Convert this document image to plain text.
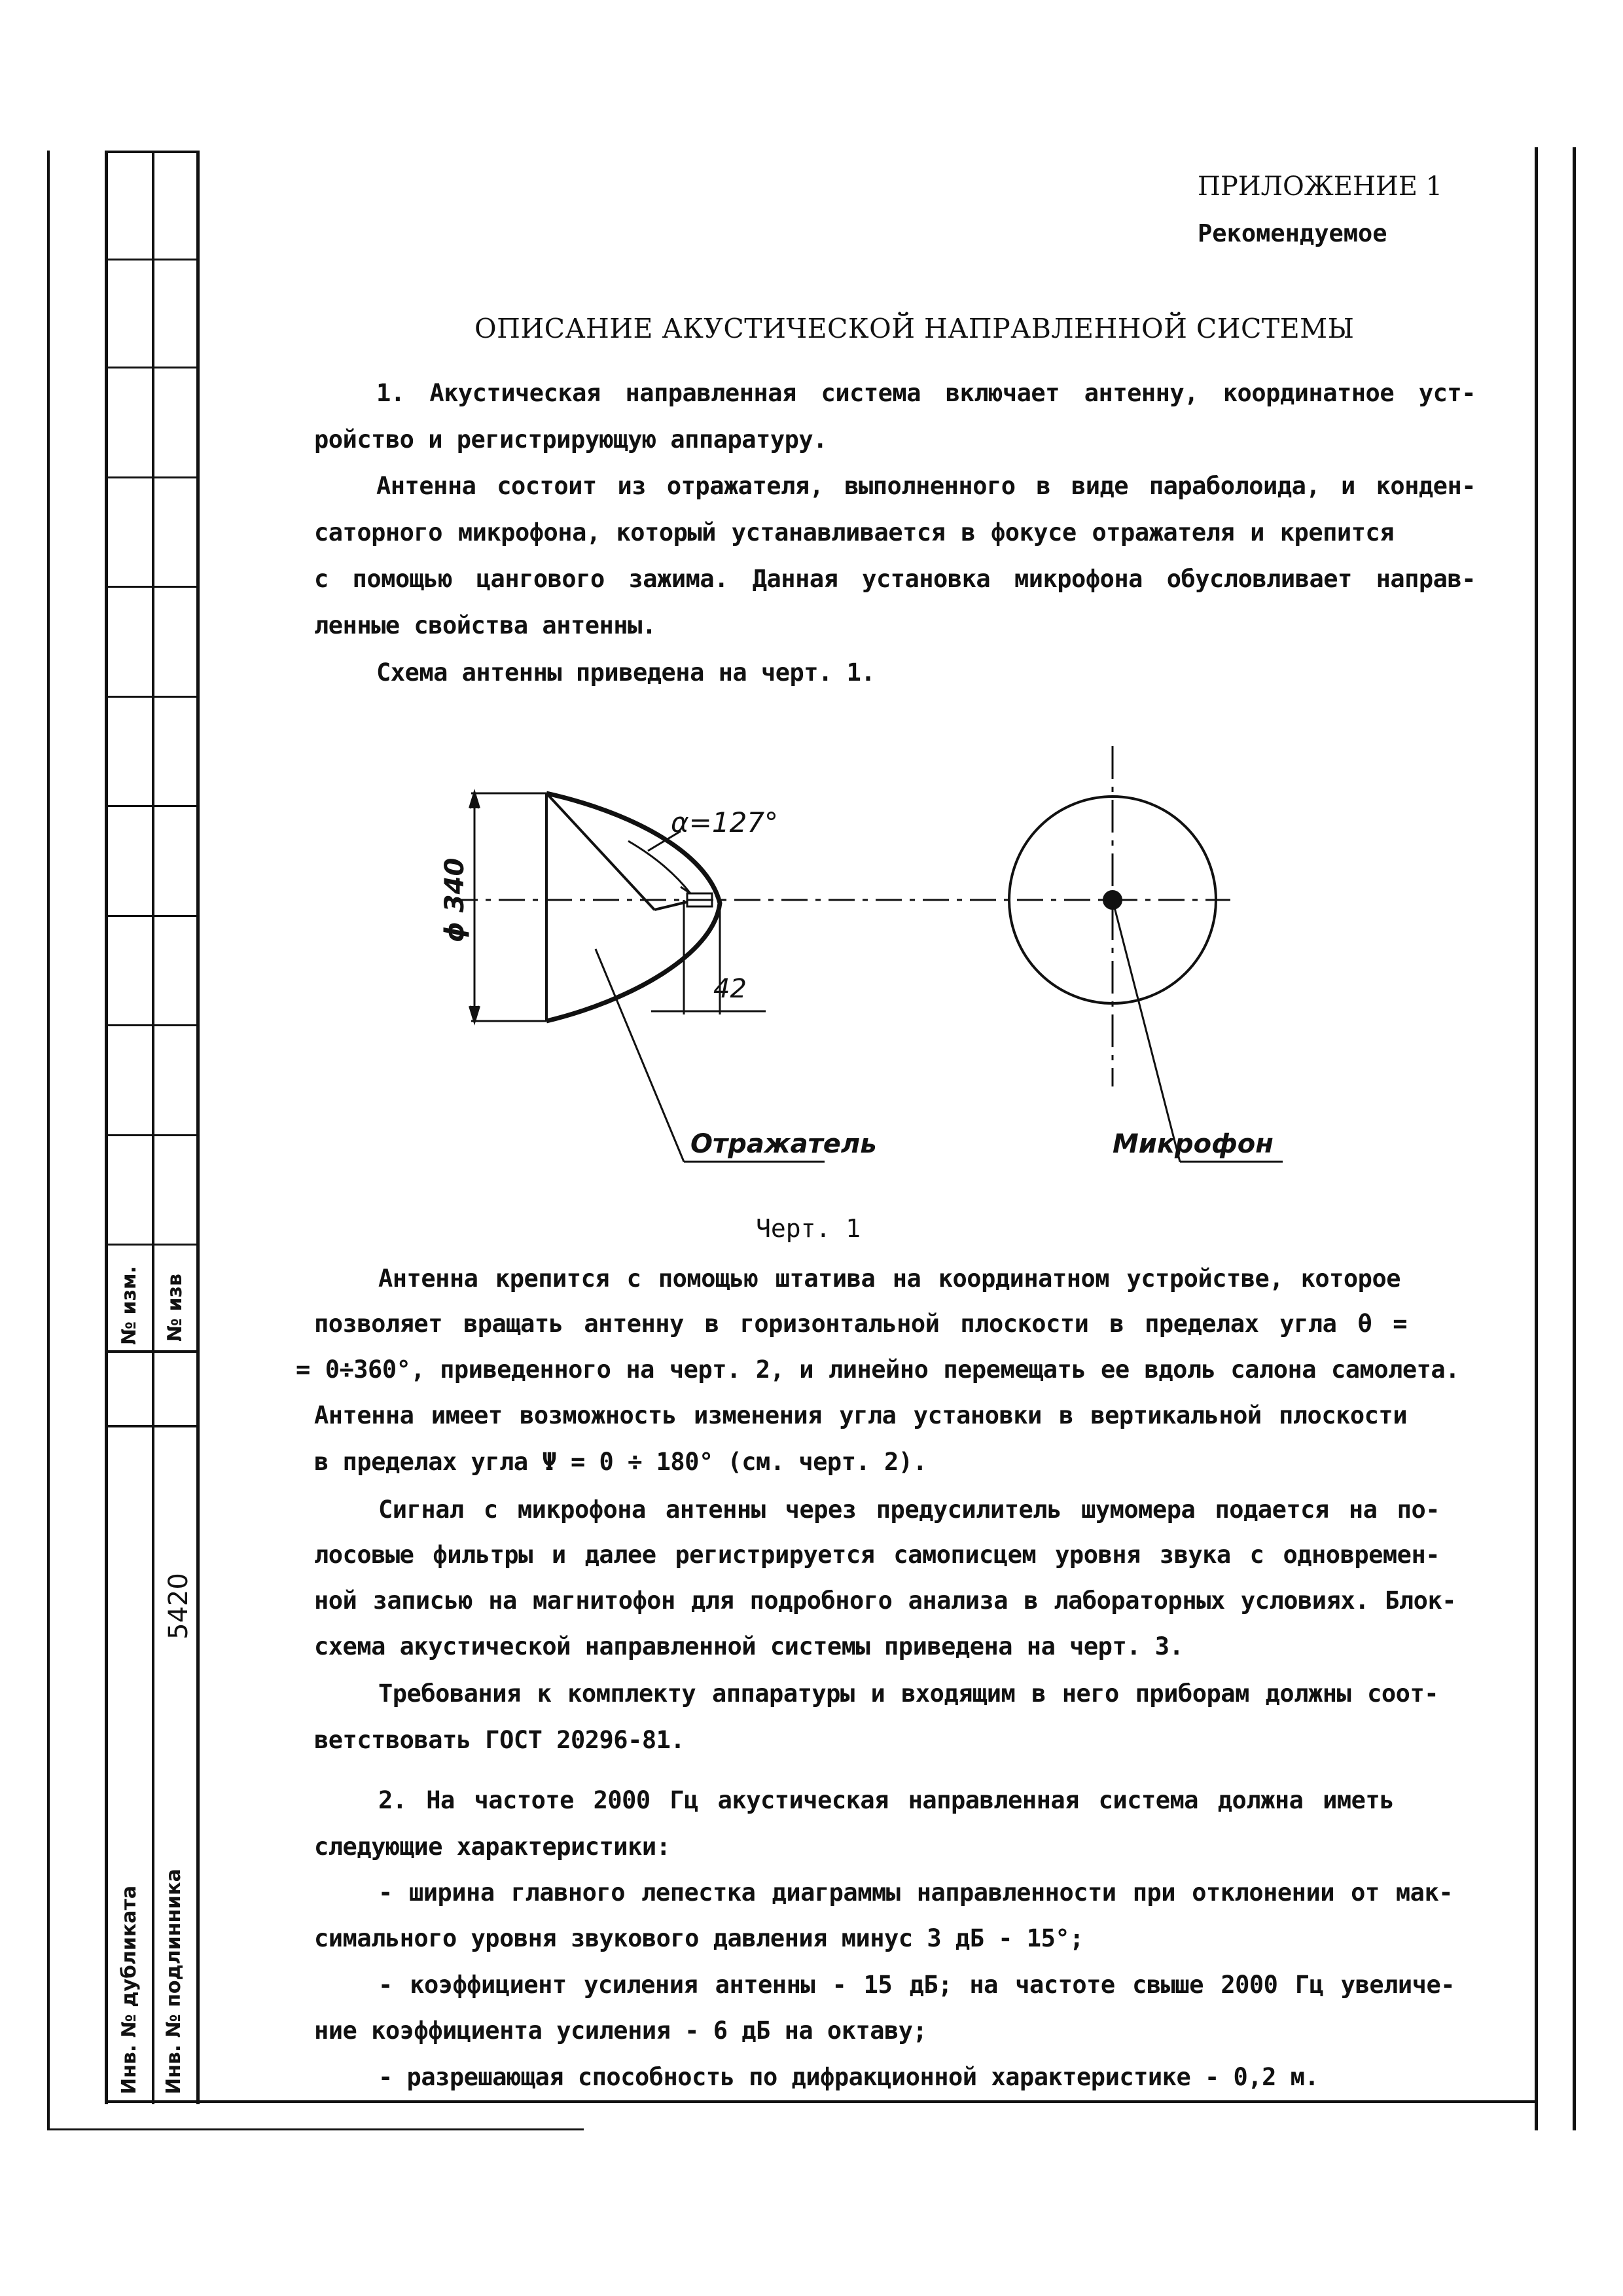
№ изм. № изв
5420
Инв. № дубликата Инв. № подлинника
ПРИЛОЖЕНИЕ 1
Рекомендуемое
ОПИСАНИЕ АКУСТИЧЕСКОЙ НАПРАВЛЕННОЙ СИСТЕМЫ
1. Акустическая направленная система включает антенну, координатное уст-
ройство и регистрирующую аппаратуру.
Антенна состоит из отражателя, выполненного в виде параболоида, и конден-
саторного микрофона, который устанавливается в фокусе отражателя и крепится
с помощью цангового зажима. Данная установка микрофона обусловливает направ-
ленные свойства антенны.
Схема антенны приведена на черт. 1.
ϕ 340
α=127°
42
Отражатель	Микрофон
Черт. 1
Антенна крепится с помощью штатива на координатном устройстве, которое
позволяет вращать антенну в горизонтальной плоскости в пределах угла θ =
= 0÷360°, приведенного на черт. 2, и линейно перемещать ее вдоль салона самолета.
Антенна имеет возможность изменения угла установки в вертикальной плоскости
в пределах угла Ψ = 0 ÷ 180° (см. черт. 2).
Сигнал с микрофона антенны через предусилитель шумомера подается на по-
лосовые фильтры и далее регистрируется самописцем уровня звука с одновремен-
ной записью на магнитофон для подробного анализа в лабораторных условиях. Блок-
схема акустической направленной системы приведена на черт. 3.
Требования к комплекту аппаратуры и входящим в него приборам должны соот-
ветствовать ГОСТ 20296-81.
2. На частоте 2000 Гц акустическая направленная система должна иметь
следующие характеристики:
- ширина главного лепестка диаграммы направленности при отклонении от мак-
симального уровня звукового давления минус 3 дБ - 15°;
- коэффициент усиления антенны - 15 дБ; на частоте свыше 2000 Гц увеличе-
ние коэффициента усиления - 6 дБ на октаву;
- разрешающая способность по дифракционной характеристике - 0,2 м.
